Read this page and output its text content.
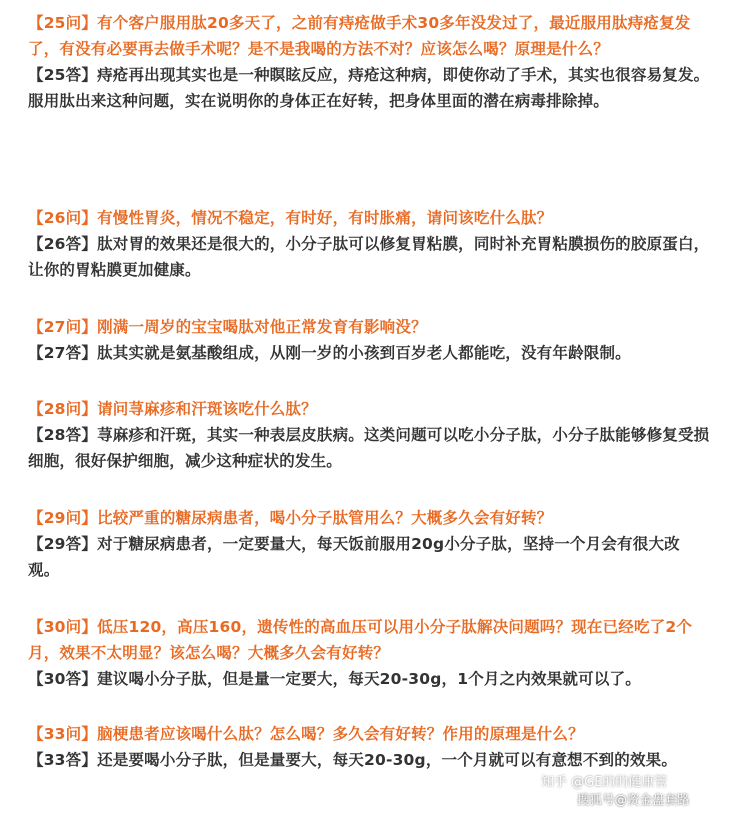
【25问】有个客户服用肽20多天了，之前有痔疮做手术30多年没发过了，最近服用肽痔疮复发了，有没有必要再去做手术呢？是不是我喝的方法不对？应该怎么喝？原理是什么？

【25答】痔疮再出现其实也是一种瞑眩反应，痔疮这种病，即使你动了手术，其实也很容易复发。服用肽出来这种问题，实在说明你的身体正在好转，把身体里面的潜在病毒排除掉。

【26问】有慢性胃炎，情况不稳定，有时好，有时胀痛，请问该吃什么肽？

【26答】肽对胃的效果还是很大的，小分子肽可以修复胃粘膜，同时补充胃粘膜损伤的胶原蛋白，让你的胃粘膜更加健康。

【27问】刚满一周岁的宝宝喝肽对他正常发育有影响没？

【27答】肽其实就是氨基酸组成，从刚一岁的小孩到百岁老人都能吃，没有年龄限制。

【28问】请问荨麻疹和汗斑该吃什么肽？

【28答】荨麻疹和汗斑，其实一种表层皮肤病。这类问题可以吃小分子肽，小分子肽能够修复受损细胞，很好保护细胞，减少这种症状的发生。

【29问】比较严重的糖尿病患者，喝小分子肽管用么？大概多久会有好转？

【29答】对于糖尿病患者，一定要量大，每天饭前服用20g小分子肽，坚持一个月会有很大改观。

【30问】低压120，高压160，遗传性的高血压可以用小分子肽解决问题吗？现在已经吃了2个月，效果不太明显？该怎么喝？大概多久会有好转？

【30答】建议喝小分子肽，但是量一定要大，每天20-30g，1个月之内效果就可以了。

【33问】脑梗患者应该喝什么肽？怎么喝？多久会有好转？作用的原理是什么？

【33答】还是要喝小分子肽，但是量要大，每天20-30g，一个月就可以有意想不到的效果。

知乎 @GE的的健康管
搜狐号@资金盘套路
